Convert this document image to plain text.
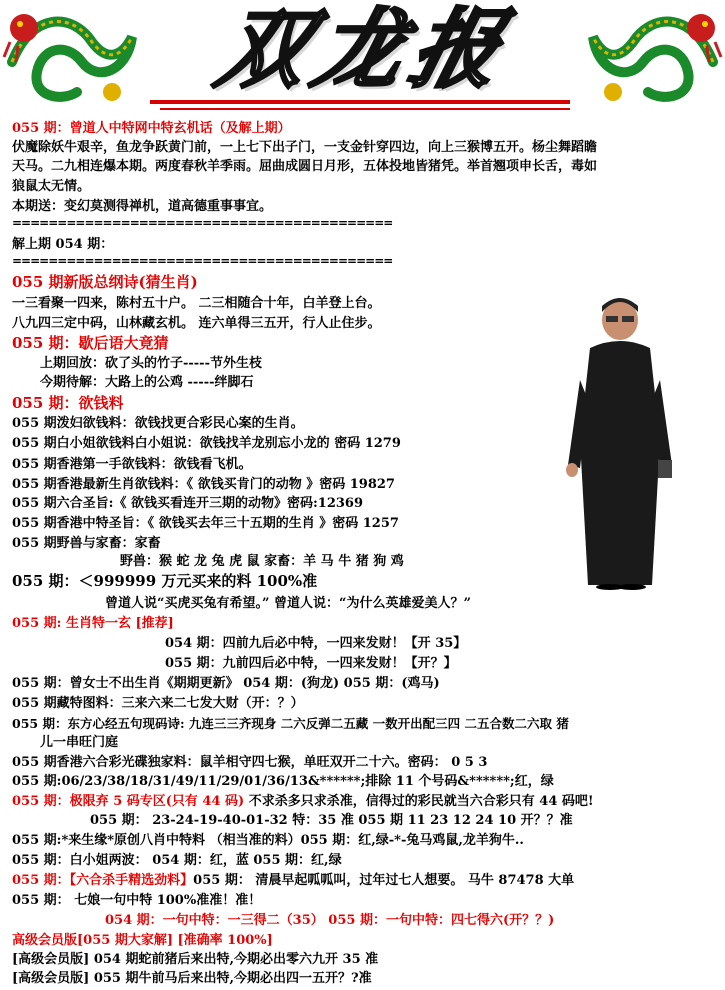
双龙报
055 期：曾道人中特网中特玄机话（及解上期）
伏魔除妖牛艰辛，鱼龙争跃黄门前，一上七下出子门，一支金针穿四边，向上三猴博五开。杨尘舞蹈瞻
天马。二九相连爆本期。两度春秋羊季雨。屈曲成圆日月形，五体投地皆猪凭。举首翘项申长舌，毒如
狼鼠太无情。
本期送：变幻莫测得禅机，道高德重事事宜。
==========================================
解上期 054 期：
==========================================
055 期新版总纲诗(猜生肖)
一三看聚一四来，陈村五十户。 二三相随合十年，白羊登上台。
八九四三定中码，山林藏玄机。 连六单得三五开，行人止住步。
055 期：歇后语大竟猜
上期回放：砍了头的竹子-----节外生枝
今期待解：大路上的公鸡 -----绊脚石
055 期：欲钱料
055 期泼妇欲钱料：欲钱找更合彩民心案的生肖。
055 期白小姐欲钱料白小姐说：欲钱找羊龙别忘小龙的 密码 1279
055 期香港第一手欲钱料：欲钱看飞机。
055 期香港最新生肖欲钱料：《 欲钱买肯门的动物 》密码 19827
055 期六合圣旨:《 欲钱买看连开三期的动物》密码:12369
055 期香港中特圣旨：《 欲钱买去年三十五期的生肖 》密码 1257
055 期野兽与家畜：家畜
野兽：猴 蛇 龙 兔 虎 鼠 家畜：羊 马 牛 猪 狗 鸡
055 期：＜999999 万元买来的料 100%准
曾道人说“买虎买兔有希望。” 曾道人说：“为什么英雄爱美人？”
055 期: 生肖特一玄 [推荐]
054 期：四前九后必中特，一四来发财！【开 35】
055 期：九前四后必中特，一四来发财！【开？】
055 期：曾女士不出生肖《期期更新》 054 期：(狗龙) 055 期：(鸡马)
055 期藏特图料：三来六来二七发大财（开：？）
055 期：东方心经五句现码诗: 九连三三齐现身 二六反弹二五藏 一数开出配三四 二五合数二六取 猪
儿一串旺门庭
055 期香港六合彩光碟独家料：鼠羊相守四七猴，单旺双开二十六。密码： 0 5 3
055 期:06/23/38/18/31/49/11/29/01/36/13&******;排除 11 个号码&******;红，绿
055 期：极限弃 5 码专区(只有 44 码) 不求杀多只求杀准，信得过的彩民就当六合彩只有 44 码吧!
055 期： 23-24-19-40-01-32 特：35 准 055 期 11 23 12 24 10 开？？准
055 期:*来生缘*原创八肖中特料 （相当准的料）055 期：红,绿-*-兔马鸡鼠,龙羊狗牛..
055 期：白小姐两波： 054 期：红，蓝 055 期：红,绿
055 期：【六合杀手精选劲料】055 期： 清晨早起呱呱叫，过年过七人想要。 马牛 87478 大单
055 期： 七娘一句中特 100%准准！准！
054 期：一句中特：一三得二（35） 055 期：一句中特：四七得六(开？？)
高级会员版[055 期大家解] [准确率 100%]
[高级会员版] 054 期蛇前猪后来出特,今期必出零六九开 35 准
[高级会员版] 055 期牛前马后来出特,今期必出四一五开？?准
